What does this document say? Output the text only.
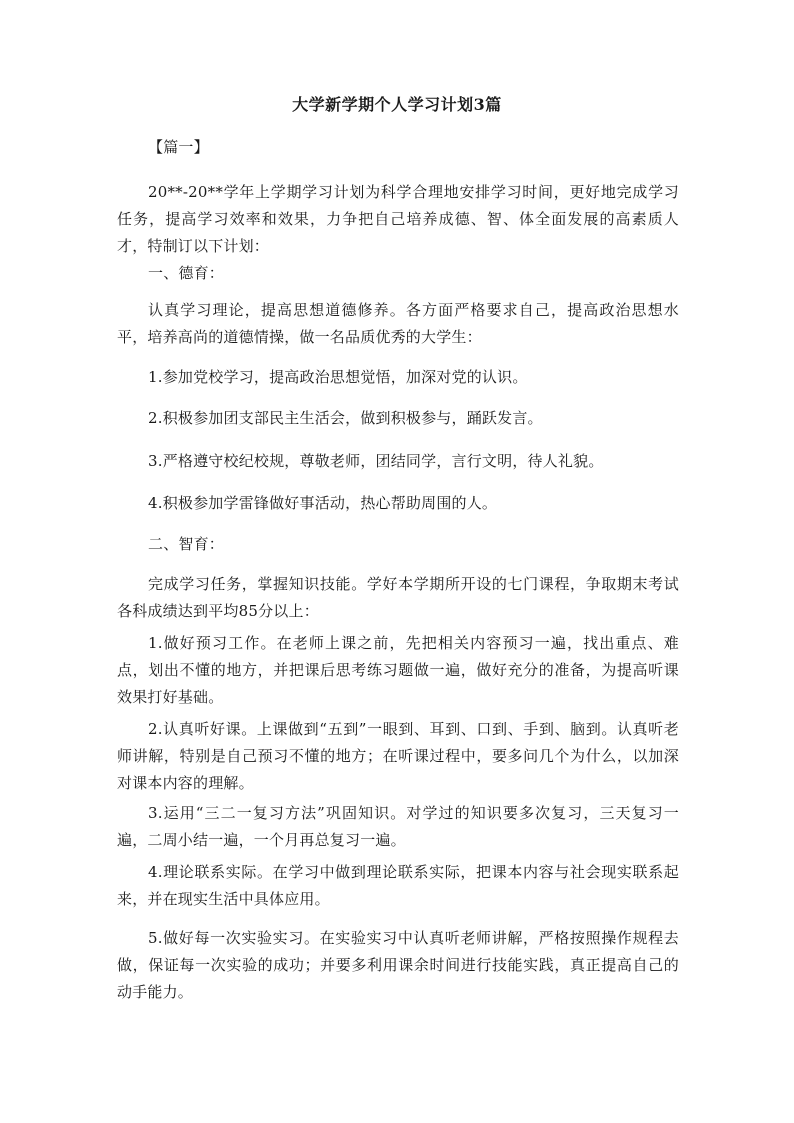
大学新学期个人学习计划3篇
【篇一】
20**-20**学年上学期学习计划为科学合理地安排学习时间，更好地完成学习任务，提高学习效率和效果，力争把自己培养成德、智、体全面发展的高素质人才，特制订以下计划：
一、德育：
认真学习理论，提高思想道德修养。各方面严格要求自己，提高政治思想水平，培养高尚的道德情操，做一名品质优秀的大学生：
1.参加党校学习，提高政治思想觉悟，加深对党的认识。
2.积极参加团支部民主生活会，做到积极参与，踊跃发言。
3.严格遵守校纪校规，尊敬老师，团结同学，言行文明，待人礼貌。
4.积极参加学雷锋做好事活动，热心帮助周围的人。
二、智育：
完成学习任务，掌握知识技能。学好本学期所开设的七门课程，争取期末考试各科成绩达到平均85分以上：
1.做好预习工作。在老师上课之前，先把相关内容预习一遍，找出重点、难点，划出不懂的地方，并把课后思考练习题做一遍，做好充分的准备，为提高听课效果打好基础。
2.认真听好课。上课做到“五到”一眼到、耳到、口到、手到、脑到。认真听老师讲解，特别是自己预习不懂的地方；在听课过程中，要多问几个为什么，以加深对课本内容的理解。
3.运用“三二一复习方法”巩固知识。对学过的知识要多次复习，三天复习一遍，二周小结一遍，一个月再总复习一遍。
4.理论联系实际。在学习中做到理论联系实际，把课本内容与社会现实联系起来，并在现实生活中具体应用。
5.做好每一次实验实习。在实验实习中认真听老师讲解，严格按照操作规程去做，保证每一次实验的成功；并要多利用课余时间进行技能实践，真正提高自己的动手能力。
